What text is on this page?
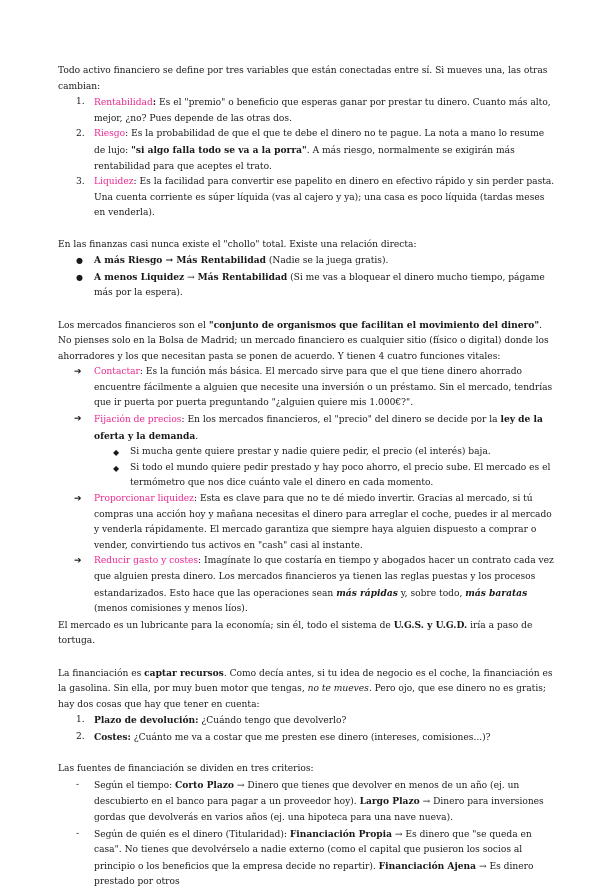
Todo activo financiero se define por tres variables que están conectadas entre sí. Si mueves una, las otras cambian:

1. Rentabilidad: Es el "premio" o beneficio que esperas ganar por prestar tu dinero. Cuanto más alto, mejor, ¿no? Pues depende de las otras dos.
2. Riesgo: Es la probabilidad de que el que te debe el dinero no te pague. La nota a mano lo resume de lujo: "si algo falla todo se va a la porra". A más riesgo, normalmente se exigirán más rentabilidad para que aceptes el trato.
3. Liquidez: Es la facilidad para convertir ese papelito en dinero en efectivo rápido y sin perder pasta. Una cuenta corriente es súper líquida (vas al cajero y ya); una casa es poco líquida (tardas meses en venderla).

En las finanzas casi nunca existe el "chollo" total. Existe una relación directa:

● A más Riesgo → Más Rentabilidad (Nadie se la juega gratis).
● A menos Liquidez → Más Rentabilidad (Si me vas a bloquear el dinero mucho tiempo, págame más por la espera).

Los mercados financieros son el "conjunto de organismos que facilitan el movimiento del dinero". No pienses solo en la Bolsa de Madrid; un mercado financiero es cualquier sitio (físico o digital) donde los ahorradores y los que necesitan pasta se ponen de acuerdo. Y tienen 4 cuatro funciones vitales:

➔ Contactar: Es la función más básica. El mercado sirve para que el que tiene dinero ahorrado encuentre fácilmente a alguien que necesite una inversión o un préstamo. Sin el mercado, tendrías que ir puerta por puerta preguntando "¿alguien quiere mis 1.000€?".
➔ Fijación de precios: En los mercados financieros, el "precio" del dinero se decide por la ley de la oferta y la demanda.
◆ Si mucha gente quiere prestar y nadie quiere pedir, el precio (el interés) baja.
◆ Si todo el mundo quiere pedir prestado y hay poco ahorro, el precio sube. El mercado es el termómetro que nos dice cuánto vale el dinero en cada momento.
➔ Proporcionar liquidez: Esta es clave para que no te dé miedo invertir. Gracias al mercado, si tú compras una acción hoy y mañana necesitas el dinero para arreglar el coche, puedes ir al mercado y venderla rápidamente. El mercado garantiza que siempre haya alguien dispuesto a comprar o vender, convirtiendo tus activos en "cash" casi al instante.
➔ Reducir gasto y costes: Imagínate lo que costaría en tiempo y abogados hacer un contrato cada vez que alguien presta dinero. Los mercados financieros ya tienen las reglas puestas y los procesos estandarizados. Esto hace que las operaciones sean más rápidas y, sobre todo, más baratas (menos comisiones y menos líos).

El mercado es un lubricante para la economía; sin él, todo el sistema de U.G.S. y U.G.D. iría a paso de tortuga.

La financiación es captar recursos. Como decía antes, si tu idea de negocio es el coche, la financiación es la gasolina. Sin ella, por muy buen motor que tengas, no te mueves. Pero ojo, que ese dinero no es gratis; hay dos cosas que hay que tener en cuenta:

1. Plazo de devolución: ¿Cuándo tengo que devolverlo?
2. Costes: ¿Cuánto me va a costar que me presten ese dinero (intereses, comisiones...)?

Las fuentes de financiación se dividen en tres criterios:

- Según el tiempo: Corto Plazo → Dinero que tienes que devolver en menos de un año (ej. un descubierto en el banco para pagar a un proveedor hoy). Largo Plazo → Dinero para inversiones gordas que devolverás en varios años (ej. una hipoteca para una nave nueva).
- Según de quién es el dinero (Titularidad): Financiación Propia → Es dinero que "se queda en casa". No tienes que devolvérselo a nadie externo (como el capital que pusieron los socios al principio o los beneficios que la empresa decide no repartir). Financiación Ajena → Es dinero prestado por otros
